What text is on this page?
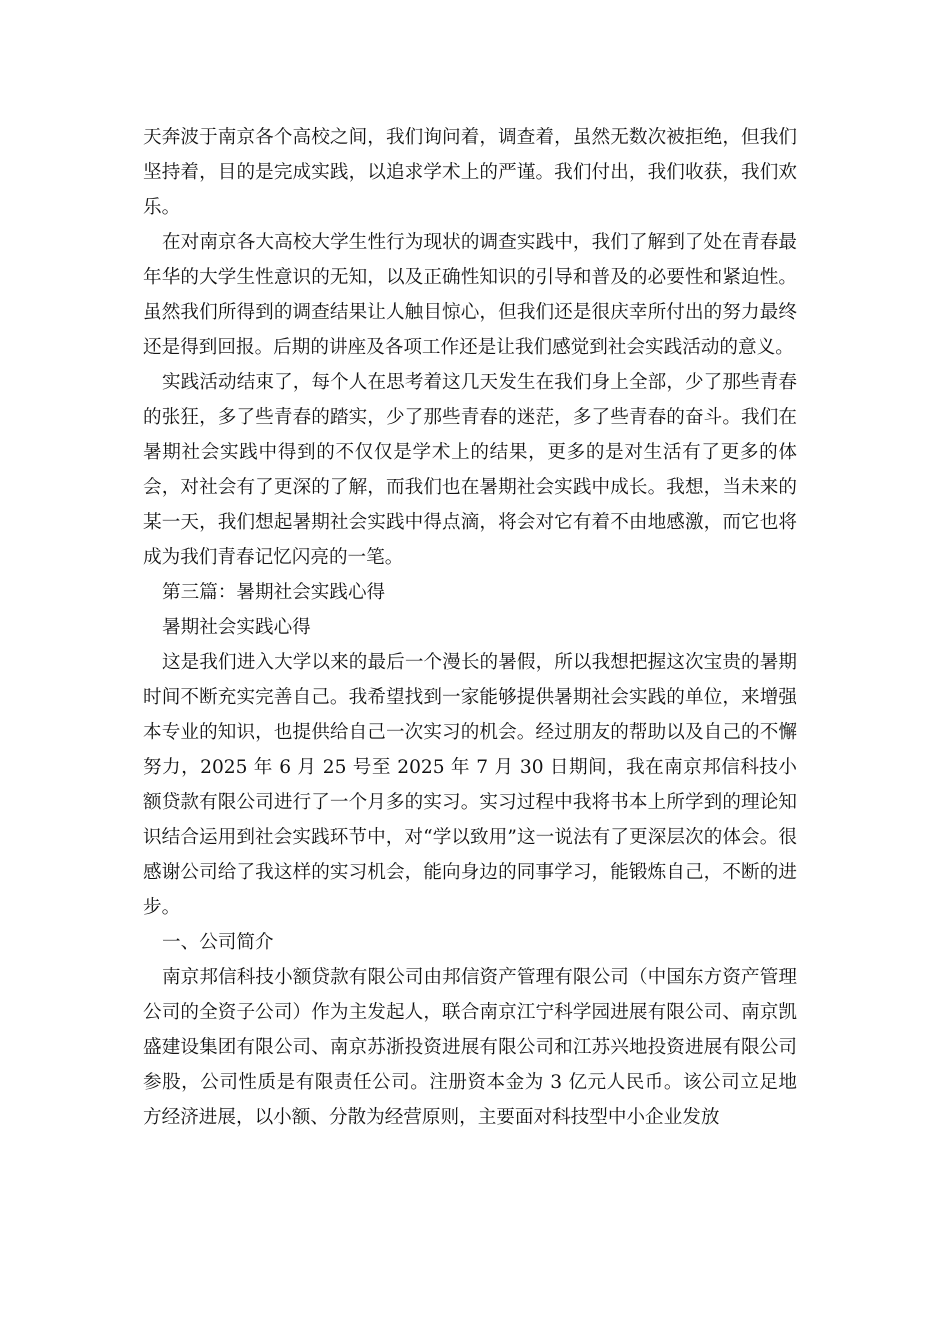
天奔波于南京各个高校之间，我们询问着，调查着，虽然无数次被拒绝，但我们坚持着，目的是完成实践，以追求学术上的严谨。我们付出，我们收获，我们欢乐。

在对南京各大高校大学生性行为现状的调查实践中，我们了解到了处在青春最年华的大学生性意识的无知，以及正确性知识的引导和普及的必要性和紧迫性。虽然我们所得到的调查结果让人触目惊心，但我们还是很庆幸所付出的努力最终还是得到回报。后期的讲座及各项工作还是让我们感觉到社会实践活动的意义。

实践活动结束了，每个人在思考着这几天发生在我们身上全部，少了那些青春的张狂，多了些青春的踏实，少了那些青春的迷茫，多了些青春的奋斗。我们在暑期社会实践中得到的不仅仅是学术上的结果，更多的是对生活有了更多的体会，对社会有了更深的了解，而我们也在暑期社会实践中成长。我想，当未来的某一天，我们想起暑期社会实践中得点滴，将会对它有着不由地感激，而它也将成为我们青春记忆闪亮的一笔。

第三篇：暑期社会实践心得

暑期社会实践心得

这是我们进入大学以来的最后一个漫长的暑假，所以我想把握这次宝贵的暑期时间不断充实完善自己。我希望找到一家能够提供暑期社会实践的单位，来增强本专业的知识，也提供给自己一次实习的机会。经过朋友的帮助以及自己的不懈努力，2025 年 6 月 25 号至 2025 年 7 月 30 日期间，我在南京邦信科技小额贷款有限公司进行了一个月多的实习。实习过程中我将书本上所学到的理论知识结合运用到社会实践环节中，对“学以致用”这一说法有了更深层次的体会。很感谢公司给了我这样的实习机会，能向身边的同事学习，能锻炼自己，不断的进步。

一、公司简介

南京邦信科技小额贷款有限公司由邦信资产管理有限公司（中国东方资产管理公司的全资子公司）作为主发起人，联合南京江宁科学园进展有限公司、南京凯盛建设集团有限公司、南京苏浙投资进展有限公司和江苏兴地投资进展有限公司参股，公司性质是有限责任公司。注册资本金为 3 亿元人民币。该公司立足地方经济进展，以小额、分散为经营原则，主要面对科技型中小企业发放
